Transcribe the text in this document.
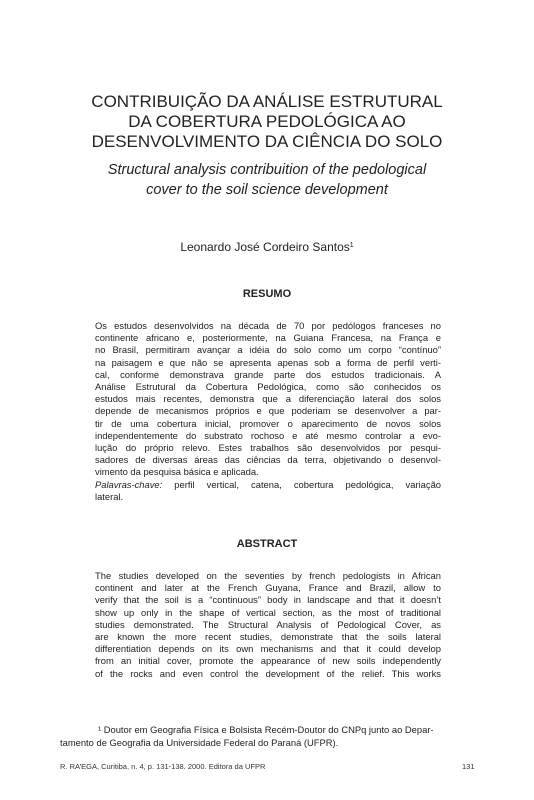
CONTRIBUIÇÃO DA ANÁLISE ESTRUTURAL
DA COBERTURA PEDOLÓGICA AO
DESENVOLVIMENTO DA CIÊNCIA DO SOLO
Structural analysis contribuition of the pedological
cover to the soil science development
Leonardo José Cordeiro Santos$^1$
RESUMO
Os estudos desenvolvidos na década de 70 por pedólogos franceses no
continente africano e, posteriormente, na Guiana Francesa, na França e
no Brasil, permitiram avançar a idéia do solo como um corpo “contínuo”
na paisagem e que não se apresenta apenas sob a forma de perfil verti-
cal, conforme demonstrava grande parte dos estudos tradicionais. A
Análise Estrutural da Cobertura Pedológica, como são conhecidos os
estudos mais recentes, demonstra que a diferenciação lateral dos solos
depende de mecanismos próprios e que poderiam se desenvolver a par-
tir de uma cobertura inicial, promover o aparecimento de novos solos
independentemente do substrato rochoso e até mesmo controlar a evo-
lução do próprio relevo. Estes trabalhos são desenvolvidos por pesqui-
sadores de diversas áreas das ciências da terra, objetivando o desenvol-
vimento da pesquisa básica e aplicada.
Palavras-chave: perfil vertical, catena, cobertura pedológica, variação
lateral.
ABSTRACT
The studies developed on the seventies by french pedologists in African
continent and later at the French Guyana, France and Brazil, allow to
verify that the soil is a “continuous” body in landscape and that it doesn’t
show up only in the shape of vertical section, as the most of traditional
studies demonstrated. The Structural Analysis of Pedological Cover, as
are known the more recent studies, demonstrate that the soils lateral
differentiation depends on its own mechanisms and that it could develop
from an initial cover, promote the appearance of new soils independently
of the rocks and even control the development of the relief. This works
¹ Doutor em Geografia Física e Bolsista Recém-Doutor do CNPq junto ao Depar-
tamento de Geografia da Universidade Federal do Paraná (UFPR).
R. RA’EGA, Curitiba, n. 4, p. 131-138. 2000. Editora da UFPR	131
